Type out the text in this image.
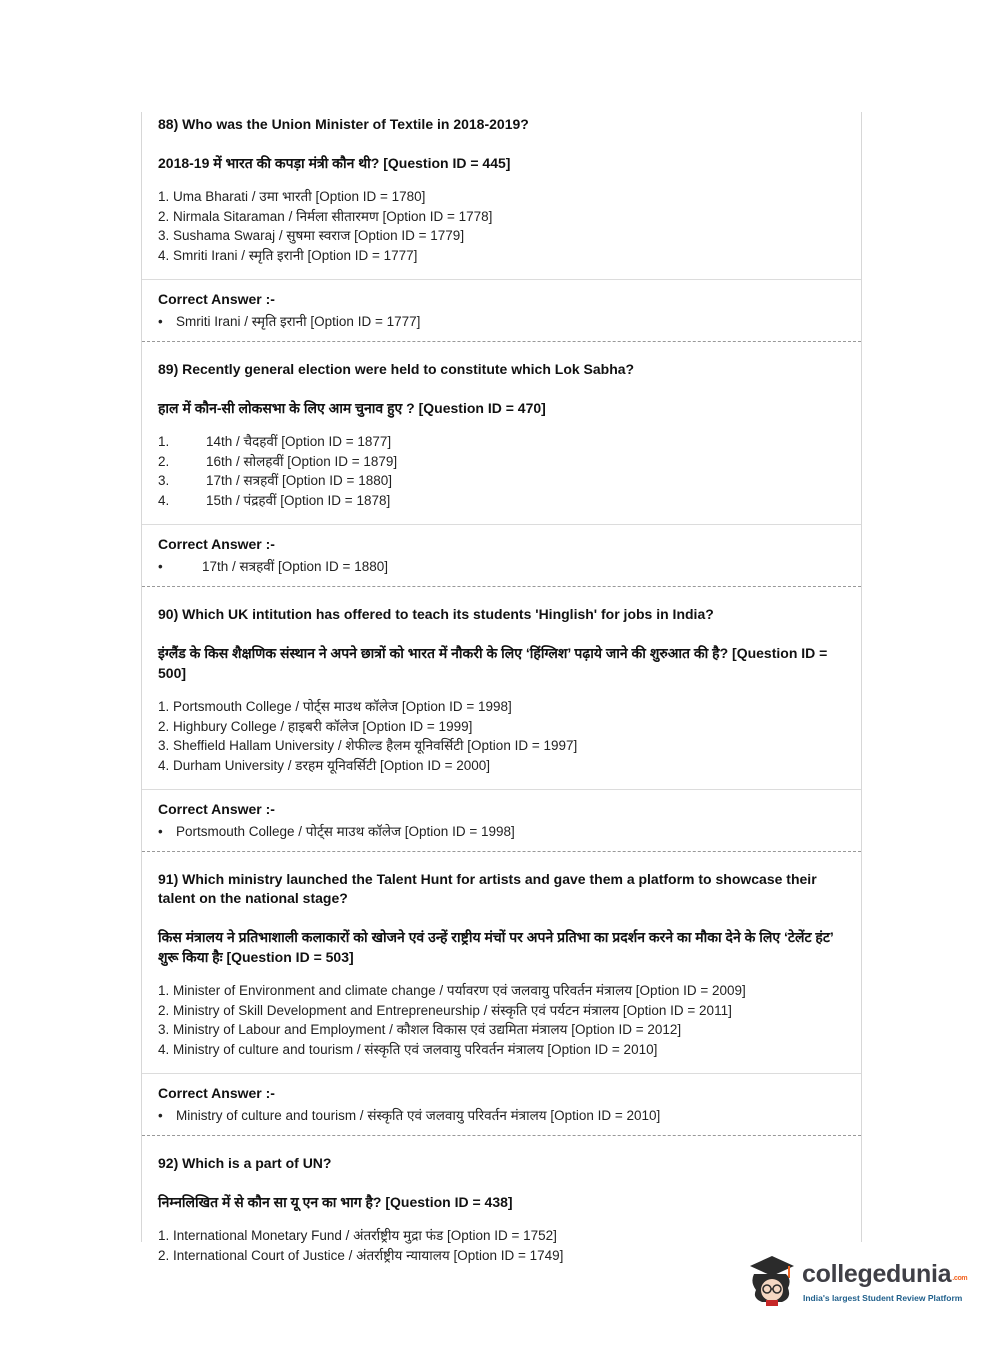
88) Who was the Union Minister of Textile in 2018-2019?
2018-19 में भारत की कपड़ा मंत्री कौन थी? [Question ID = 445]
1. Uma Bharati / उमा भारती [Option ID = 1780]
2. Nirmala Sitaraman / निर्मला सीतारमण [Option ID = 1778]
3. Sushama Swaraj / सुषमा स्वराज [Option ID = 1779]
4. Smriti Irani / स्मृति इरानी [Option ID = 1777]
Correct Answer :-
• Smriti Irani / स्मृति इरानी [Option ID = 1777]
89) Recently general election were held to constitute which Lok Sabha?
हाल में कौन-सी लोकसभा के लिए आम चुनाव हुए ? [Question ID = 470]
1.	14th / चैदहवीं [Option ID = 1877]
2.	16th / सोलहवीं [Option ID = 1879]
3.	17th / सत्रहवीं [Option ID = 1880]
4.	15th / पंद्रहवीं [Option ID = 1878]
Correct Answer :-
•	17th / सत्रहवीं [Option ID = 1880]
90) Which UK intitution has offered to teach its students 'Hinglish' for jobs in India?
इंग्लैंड के किस शैक्षणिक संस्थान ने अपने छात्रों को भारत में नौकरी के लिए ‘हिंग्लिश’ पढ़ाये जाने की शुरुआत की है? [Question ID = 500]
1. Portsmouth College / पोर्ट्स माउथ कॉलेज [Option ID = 1998]
2. Highbury College / हाइबरी कॉलेज [Option ID = 1999]
3. Sheffield Hallam University / शेफील्ड हैलम यूनिवर्सिटी [Option ID = 1997]
4. Durham University / डरहम यूनिवर्सिटी [Option ID = 2000]
Correct Answer :-
• Portsmouth College / पोर्ट्स माउथ कॉलेज [Option ID = 1998]
91) Which ministry launched the Talent Hunt for artists and gave them a platform to showcase their talent on the national stage?
किस मंत्रालय ने प्रतिभाशाली कलाकारों को खोजने एवं उन्हें राष्ट्रीय मंचों पर अपने प्रतिभा का प्रदर्शन करने का मौका देने के लिए ‘टेलेंट हंट’ शुरू किया हैः [Question ID = 503]
1. Minister of Environment and climate change / पर्यावरण एवं जलवायु परिवर्तन मंत्रालय [Option ID = 2009]
2. Ministry of Skill Development and Entrepreneurship / संस्कृति एवं पर्यटन मंत्रालय [Option ID = 2011]
3. Ministry of Labour and Employment / कौशल विकास एवं उद्यमिता मंत्रालय [Option ID = 2012]
4. Ministry of culture and tourism / संस्कृति एवं जलवायु परिवर्तन मंत्रालय [Option ID = 2010]
Correct Answer :-
• Ministry of culture and tourism / संस्कृति एवं जलवायु परिवर्तन मंत्रालय [Option ID = 2010]
92) Which is a part of UN?
निम्नलिखित में से कौन सा यू एन का भाग है? [Question ID = 438]
1. International Monetary Fund / अंतर्राष्ट्रीय मुद्रा फंड [Option ID = 1752]
2. International Court of Justice / अंतर्राष्ट्रीय न्यायालय [Option ID = 1749]
collegedunia.com
India's largest Student Review Platform
